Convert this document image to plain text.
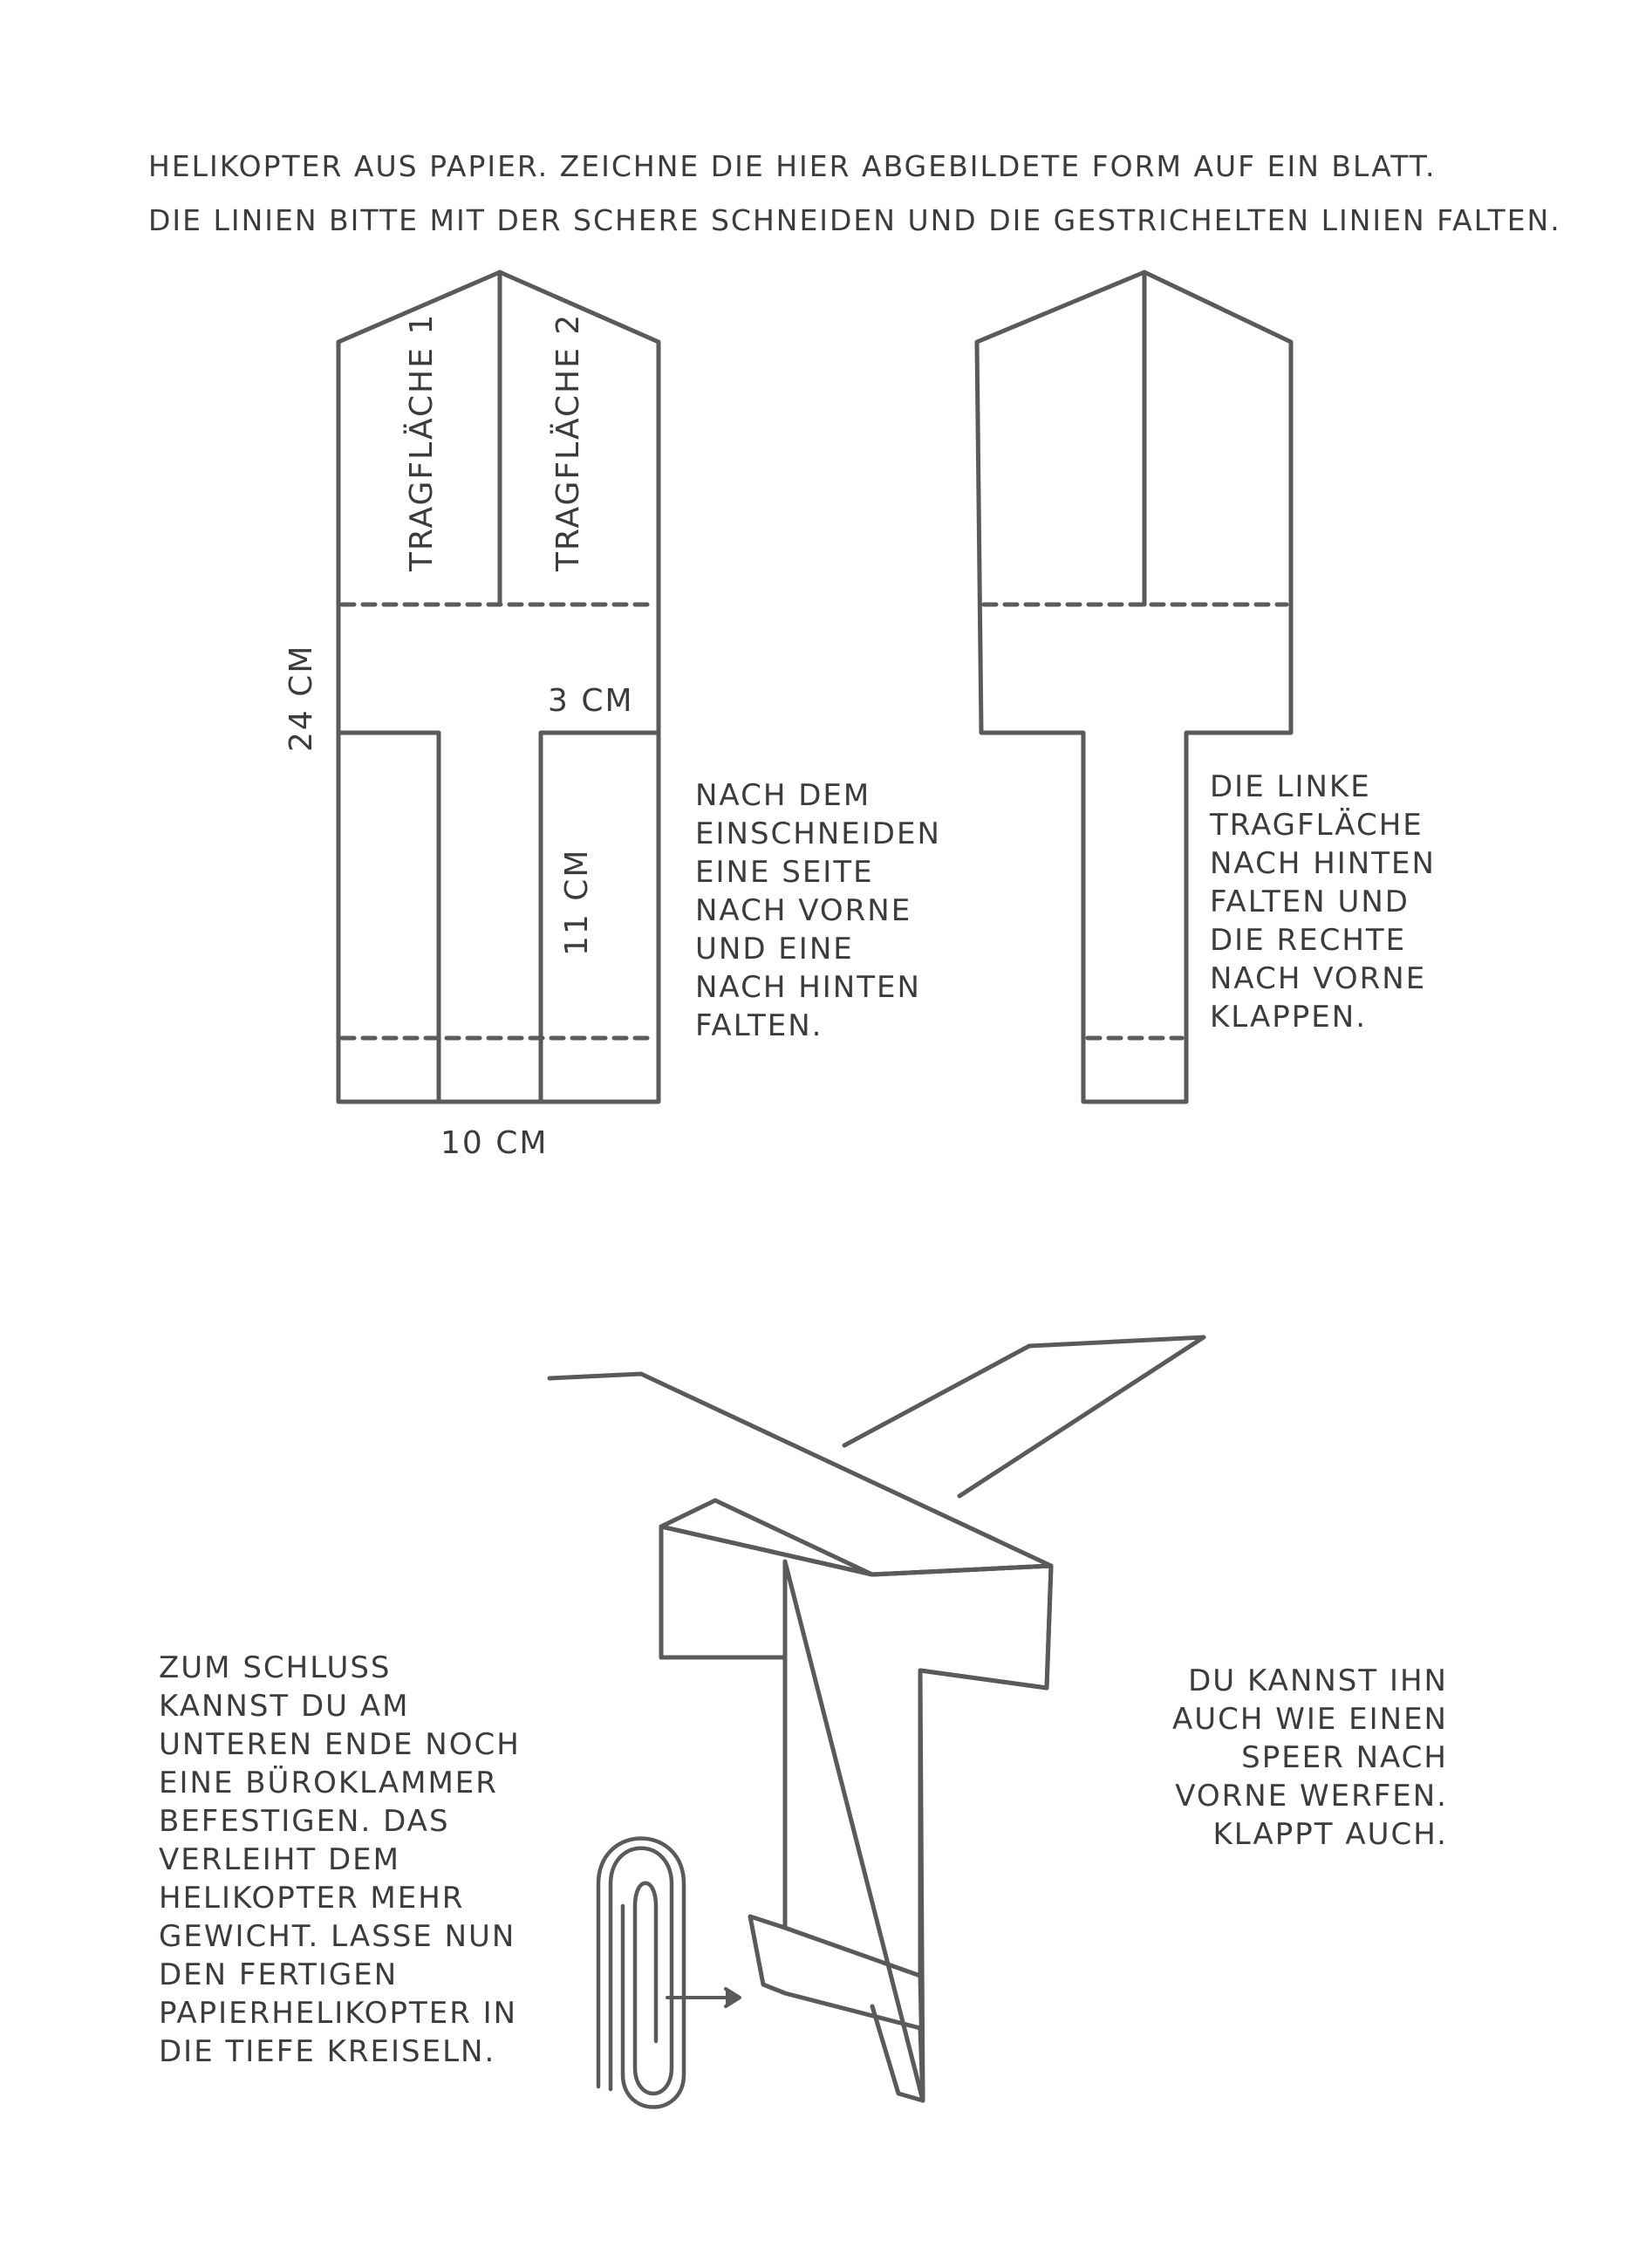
HELIKOPTER AUS PAPIER. ZEICHNE DIE HIER ABGEBILDETE FORM AUF EIN BLATT.
DIE LINIEN BITTE MIT DER SCHERE SCHNEIDEN UND DIE GESTRICHELTEN LINIEN FALTEN.
TRAGFLÄCHE 1	TRAGFLÄCHE 2
24 CM	3 CM
11 CM
10 CM
NACH DEM
EINSCHNEIDEN
EINE SEITE
NACH VORNE
UND EINE
NACH HINTEN
FALTEN.
DIE LINKE
TRAGFLÄCHE
NACH HINTEN
FALTEN UND
DIE RECHTE
NACH VORNE
KLAPPEN.
ZUM SCHLUSS
KANNST DU AM
UNTEREN ENDE NOCH
EINE BÜROKLAMMER
BEFESTIGEN. DAS
VERLEIHT DEM
HELIKOPTER MEHR
GEWICHT. LASSE NUN
DEN FERTIGEN
PAPIERHELIKOPTER IN
DIE TIEFE KREISELN.
DU KANNST IHN
AUCH WIE EINEN
SPEER NACH
VORNE WERFEN.
KLAPPT AUCH.
